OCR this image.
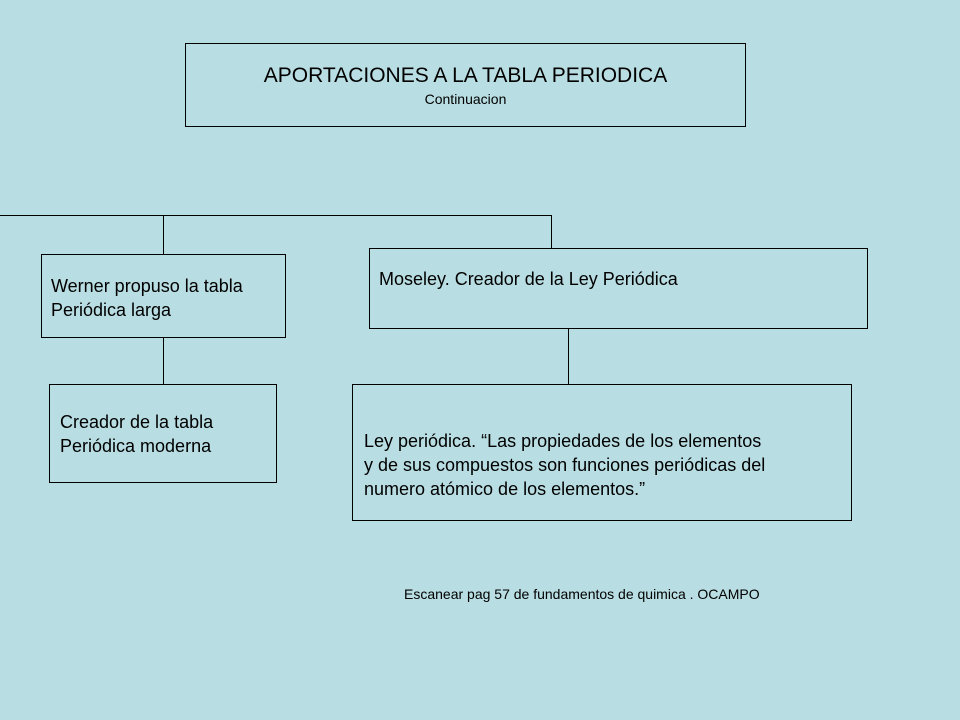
APORTACIONES A LA TABLA PERIODICA
Continuacion
Werner propuso la tabla
Periódica larga
Moseley. Creador de la Ley Periódica
Creador de la tabla
Periódica moderna	Ley periódica. “Las propiedades de los elementos
y de sus compuestos son funciones periódicas del
numero atómico de los elementos.”
Escanear pag 57 de fundamentos de quimica . OCAMPO
